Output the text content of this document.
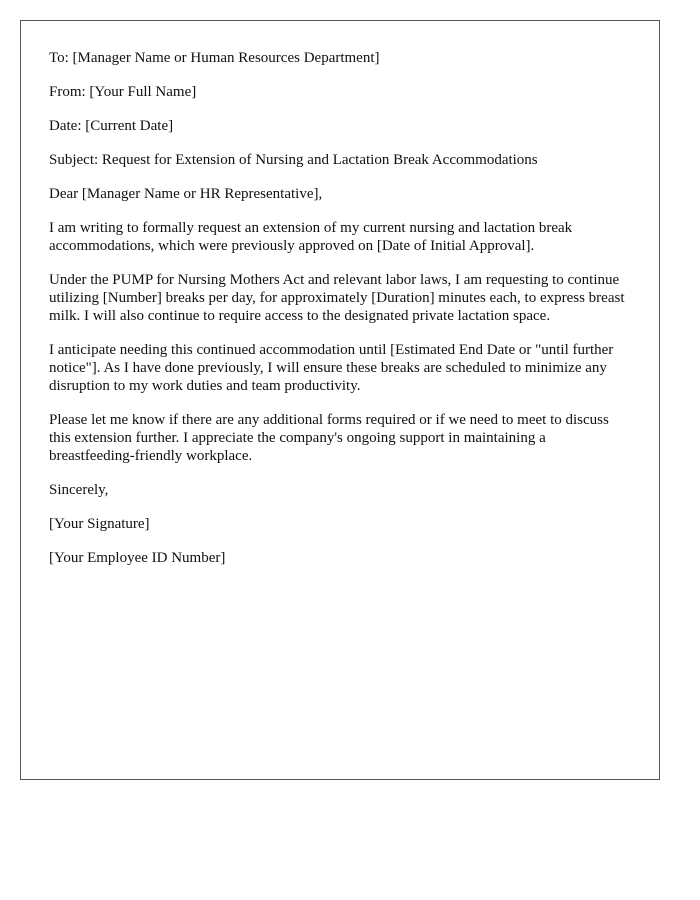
To: [Manager Name or Human Resources Department]

From: [Your Full Name]

Date: [Current Date]

Subject: Request for Extension of Nursing and Lactation Break Accommodations

Dear [Manager Name or HR Representative],

I am writing to formally request an extension of my current nursing and lactation break accommodations, which were previously approved on [Date of Initial Approval].

Under the PUMP for Nursing Mothers Act and relevant labor laws, I am requesting to continue utilizing [Number] breaks per day, for approximately [Duration] minutes each, to express breast milk. I will also continue to require access to the designated private lactation space.

I anticipate needing this continued accommodation until [Estimated End Date or "until further notice"]. As I have done previously, I will ensure these breaks are scheduled to minimize any disruption to my work duties and team productivity.

Please let me know if there are any additional forms required or if we need to meet to discuss this extension further. I appreciate the company's ongoing support in maintaining a breastfeeding-friendly workplace.

Sincerely,

[Your Signature]

[Your Employee ID Number]
